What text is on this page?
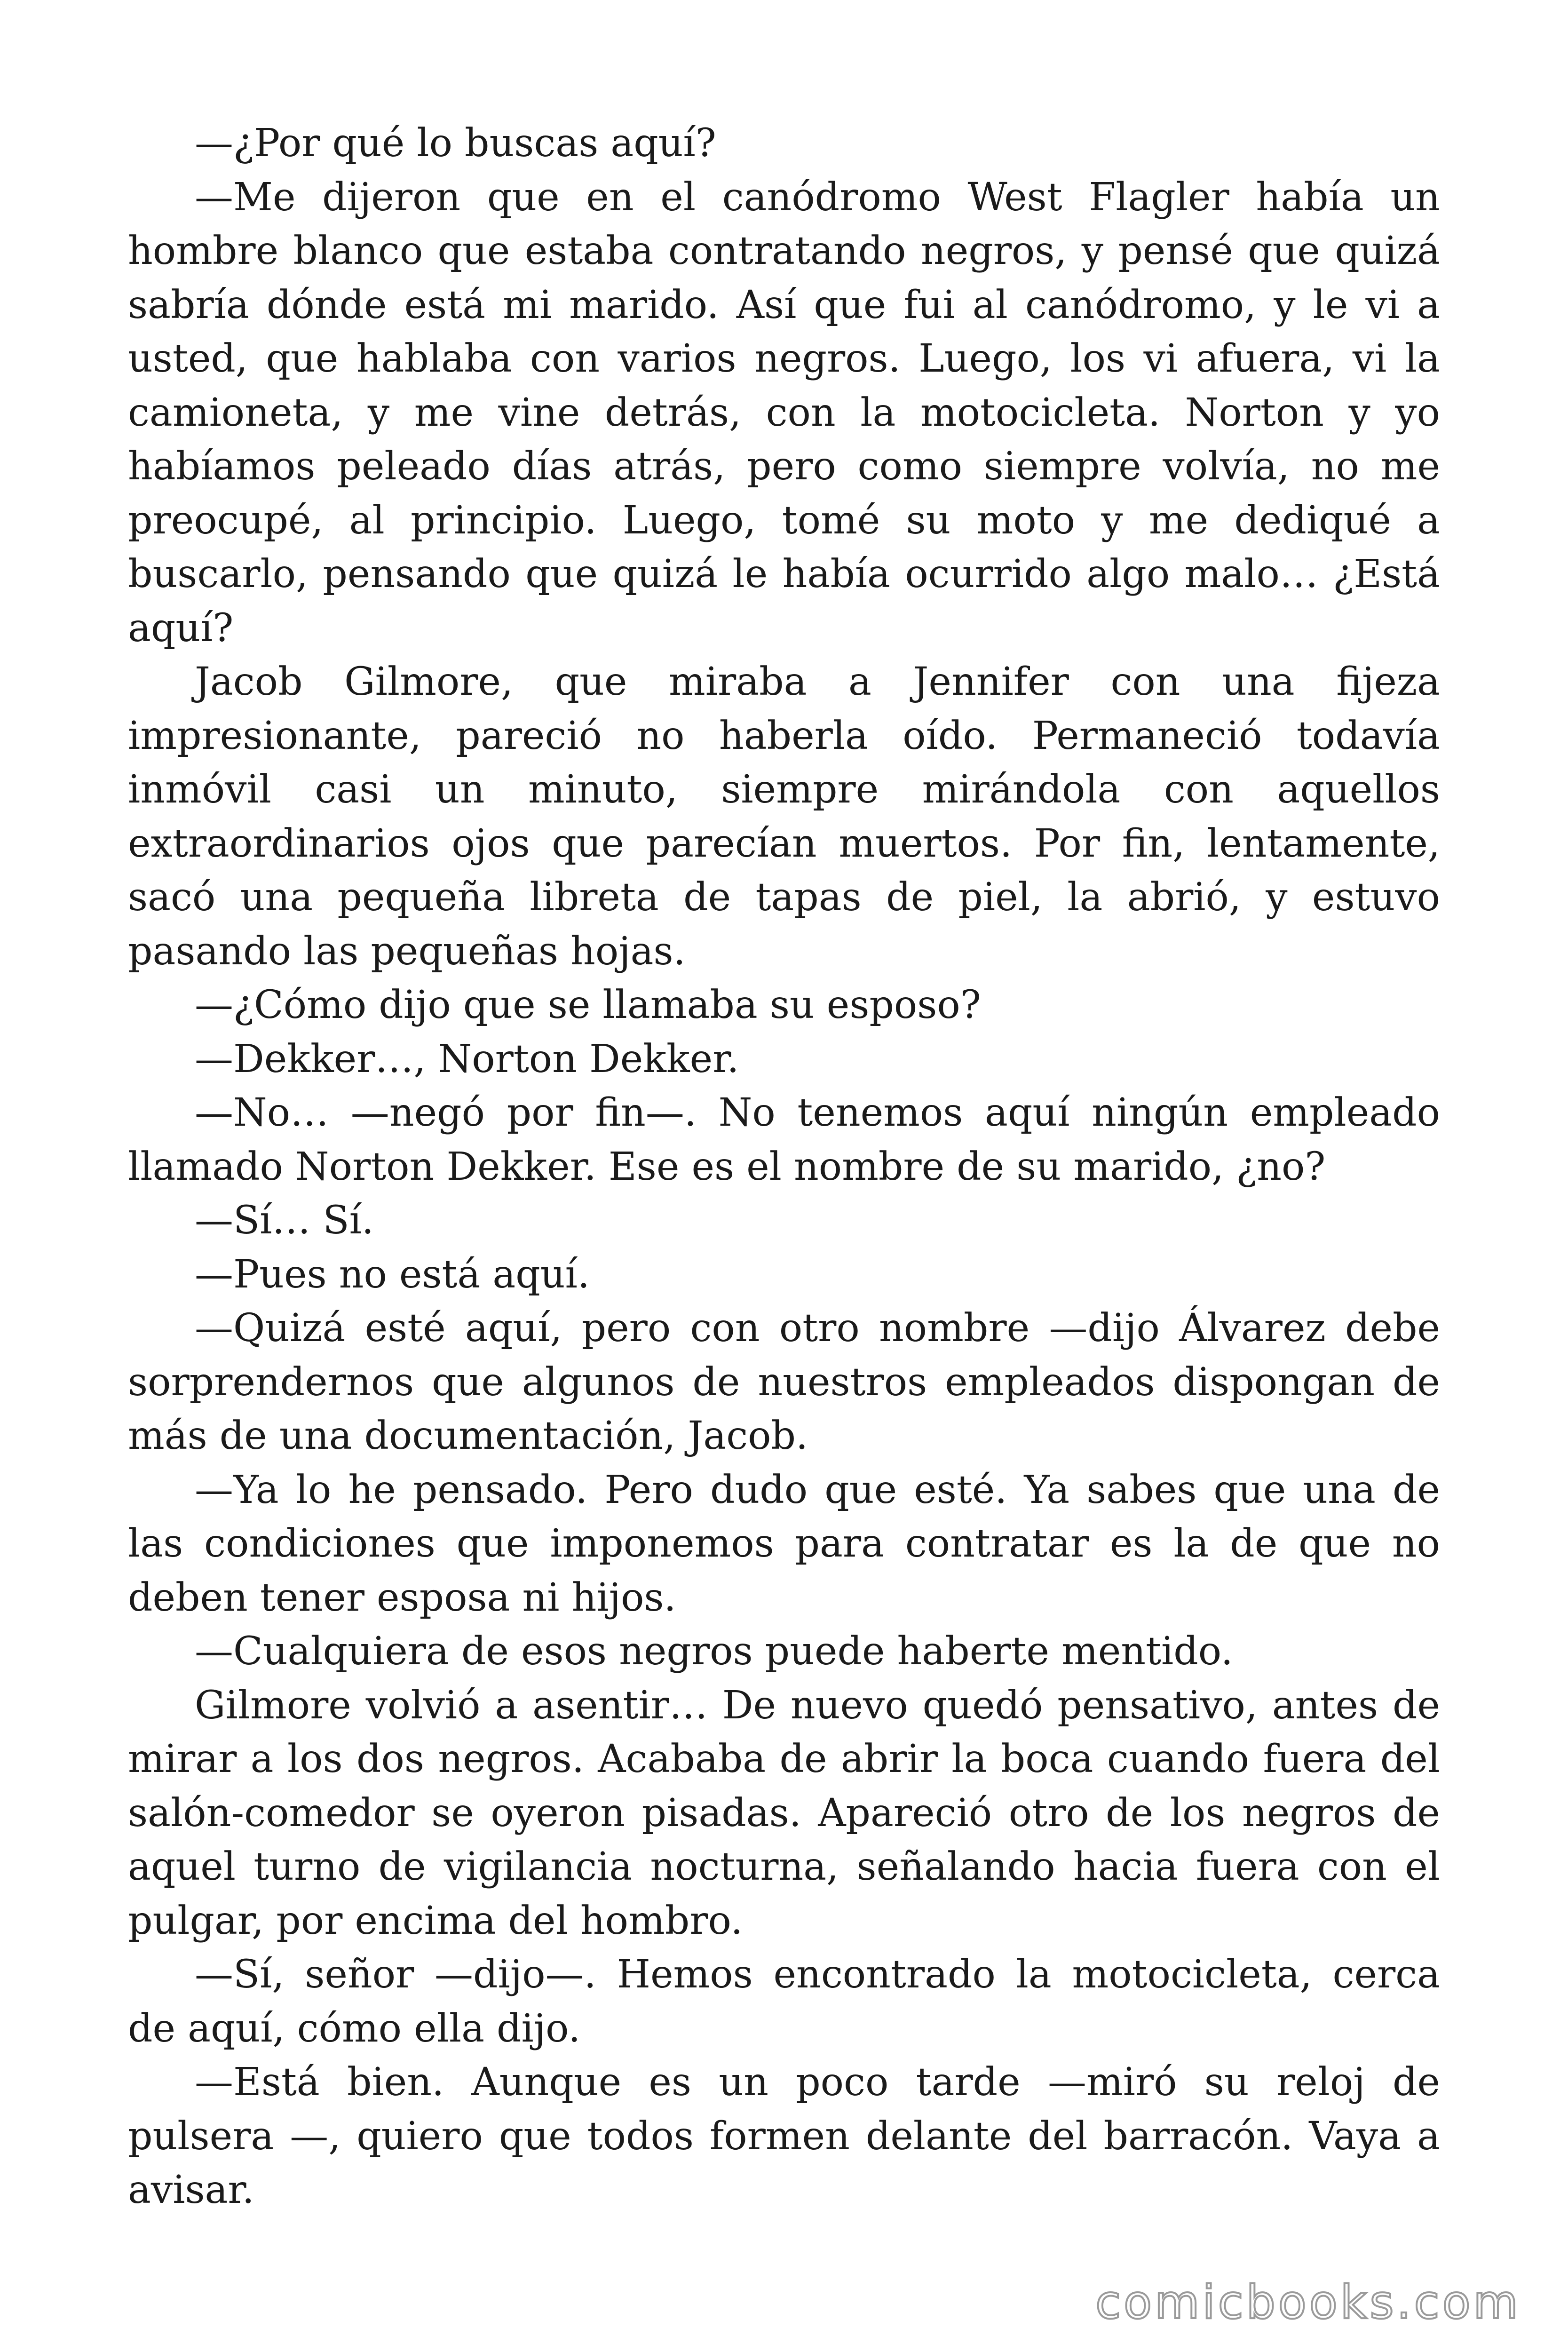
—¿Por qué lo buscas aquí?

—Me dijeron que en el canódromo West Flagler había un hombre blanco que estaba contratando negros, y pensé que quizá sabría dónde está mi marido. Así que fui al canódromo, y le vi a usted, que hablaba con varios negros. Luego, los vi afuera, vi la camioneta, y me vine detrás, con la motocicleta. Norton y yo habíamos peleado días atrás, pero como siempre volvía, no me preocupé, al principio. Luego, tomé su moto y me dediqué a buscarlo, pensando que quizá le había ocurrido algo malo… ¿Está aquí?

Jacob Gilmore, que miraba a Jennifer con una fijeza impresionante, pareció no haberla oído. Permaneció todavía inmóvil casi un minuto, siempre mirándola con aquellos extraordinarios ojos que parecían muertos. Por fin, lentamente, sacó una pequeña libreta de tapas de piel, la abrió, y estuvo pasando las pequeñas hojas.

—¿Cómo dijo que se llamaba su esposo?

—Dekker…, Norton Dekker.

—No… —negó por fin—. No tenemos aquí ningún empleado llamado Norton Dekker. Ese es el nombre de su marido, ¿no?

—Sí… Sí.

—Pues no está aquí.

—Quizá esté aquí, pero con otro nombre —dijo Álvarez debe sorprendernos que algunos de nuestros empleados dispongan de más de una documentación, Jacob.

—Ya lo he pensado. Pero dudo que esté. Ya sabes que una de las condiciones que imponemos para contratar es la de que no deben tener esposa ni hijos.

—Cualquiera de esos negros puede haberte mentido.

Gilmore volvió a asentir… De nuevo quedó pensativo, antes de mirar a los dos negros. Acababa de abrir la boca cuando fuera del salón-comedor se oyeron pisadas. Apareció otro de los negros de aquel turno de vigilancia nocturna, señalando hacia fuera con el pulgar, por encima del hombro.

—Sí, señor —dijo—. Hemos encontrado la motocicleta, cerca de aquí, cómo ella dijo.

—Está bien. Aunque es un poco tarde —miró su reloj de pulsera —, quiero que todos formen delante del barracón. Vaya a avisar.

comicbooks.com
